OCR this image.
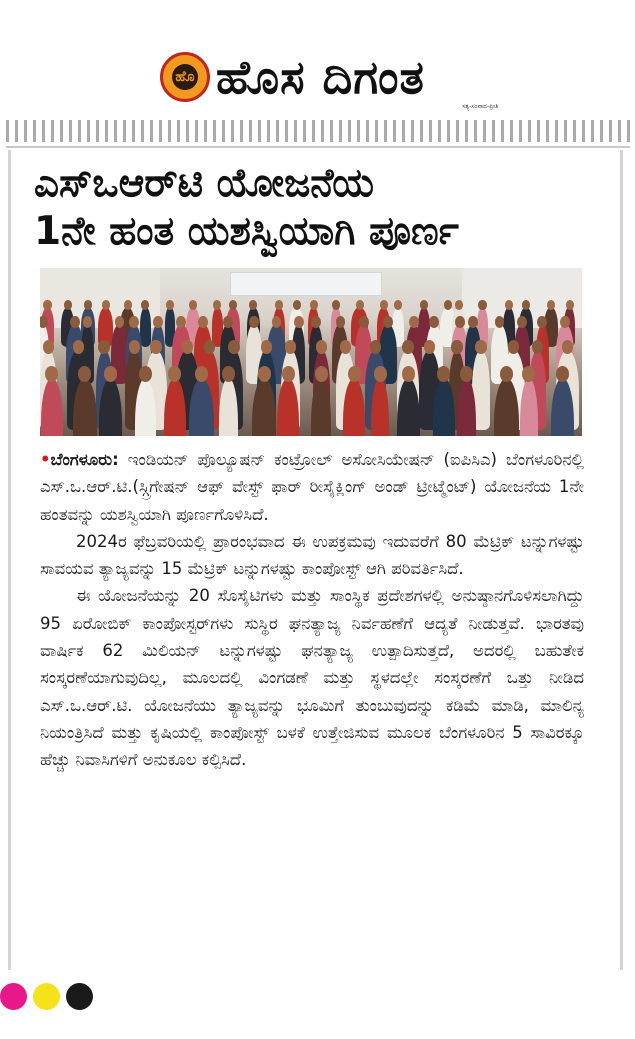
ಹೊ ಹೊಸ ದಿಗಂತ
ಸತ್ಯ-ಸಂವಾದ-ಪ್ರೀತಿ
ಎಸ್‌ಒಆರ್‌ಟಿ ಯೋಜನೆಯ
1ನೇ ಹಂತ ಯಶಸ್ವಿಯಾಗಿ ಪೂರ್ಣ

•ಬೆಂಗಳೂರು: ಇಂಡಿಯನ್ ಪೊಲ್ಯೂಷನ್ ಕಂಟ್ರೋಲ್ ಅಸೋಸಿಯೇಷನ್ (ಐಪಿಸಿಎ) ಬೆಂಗಳೂರಿನಲ್ಲಿ ಎಸ್.ಒ.ಆರ್.ಟಿ.(ಸ್ಗ್ರಿಗೇಷನ್ ಆಫ್ ವೇಸ್ಟ್ ಫಾರ್ ರೀಸೈಕ್ಲಿಂಗ್ ಅಂಡ್ ಟ್ರೀಟ್ಮೆಂಟ್) ಯೋಜನೆಯ 1ನೇ ಹಂತವನ್ನು ಯಶಸ್ವಿಯಾಗಿ ಪೂರ್ಣಗೊಳಿಸಿದೆ.

2024ರ ಫೆಬ್ರವರಿಯಲ್ಲಿ ಪ್ರಾರಂಭವಾದ ಈ ಉಪಕ್ರಮವು ಇದುವರೆಗೆ 80 ಮೆಟ್ರಿಕ್ ಟನ್ನುಗಳಷ್ಟು ಸಾವಯವ ತ್ಯಾಜ್ಯವನ್ನು 15 ಮೆಟ್ರಿಕ್ ಟನ್ನುಗಳಷ್ಟು ಕಾಂಪೋಸ್ಟ್ ಆಗಿ ಪರಿವರ್ತಿಸಿದೆ.

ಈ ಯೋಜನೆಯನ್ನು 20 ಸೊಸೈಟಿಗಳು ಮತ್ತು ಸಾಂಸ್ಥಿಕ ಪ್ರದೇಶಗಳಲ್ಲಿ ಅನುಷ್ಠಾನಗೊಳಿಸಲಾಗಿದ್ದು 95 ಏರೋಬಿಕ್ ಕಾಂಪೋಸ್ಟರ್‌ಗಳು ಸುಸ್ಥಿರ ಘನತ್ಯಾಜ್ಯ ನಿರ್ವಹಣೆಗೆ ಆದ್ಯತೆ ನೀಡುತ್ತವೆ. ಭಾರತವು ವಾರ್ಷಿಕ 62 ಮಿಲಿಯನ್ ಟನ್ನುಗಳಷ್ಟು ಘನತ್ಯಾಜ್ಯ ಉತ್ಪಾದಿಸುತ್ತದೆ, ಅದರಲ್ಲಿ ಬಹುತೇಕ ಸಂಸ್ಕರಣೆಯಾಗುವುದಿಲ್ಲ, ಮೂಲದಲ್ಲಿ ವಿಂಗಡಣೆ ಮತ್ತು ಸ್ಥಳದಲ್ಲೇ ಸಂಸ್ಕರಣೆಗೆ ಒತ್ತು ನೀಡಿದ ಎಸ್.ಒ.ಆರ್.ಟಿ. ಯೋಜನೆಯು ತ್ಯಾಜ್ಯವನ್ನು ಭೂಮಿಗೆ ತುಂಬುವುದನ್ನು ಕಡಿಮೆ ಮಾಡಿ, ಮಾಲಿನ್ಯ ನಿಯಂತ್ರಿಸಿದೆ ಮತ್ತು ಕೃಷಿಯಲ್ಲಿ ಕಾಂಪೋಸ್ಟ್ ಬಳಕೆ ಉತ್ತೇಜಿಸುವ ಮೂಲಕ ಬೆಂಗಳೂರಿನ 5 ಸಾವಿರಕ್ಕೂ ಹೆಚ್ಚು ನಿವಾಸಿಗಳಿಗೆ ಅನುಕೂಲ ಕಲ್ಪಿಸಿದೆ.
